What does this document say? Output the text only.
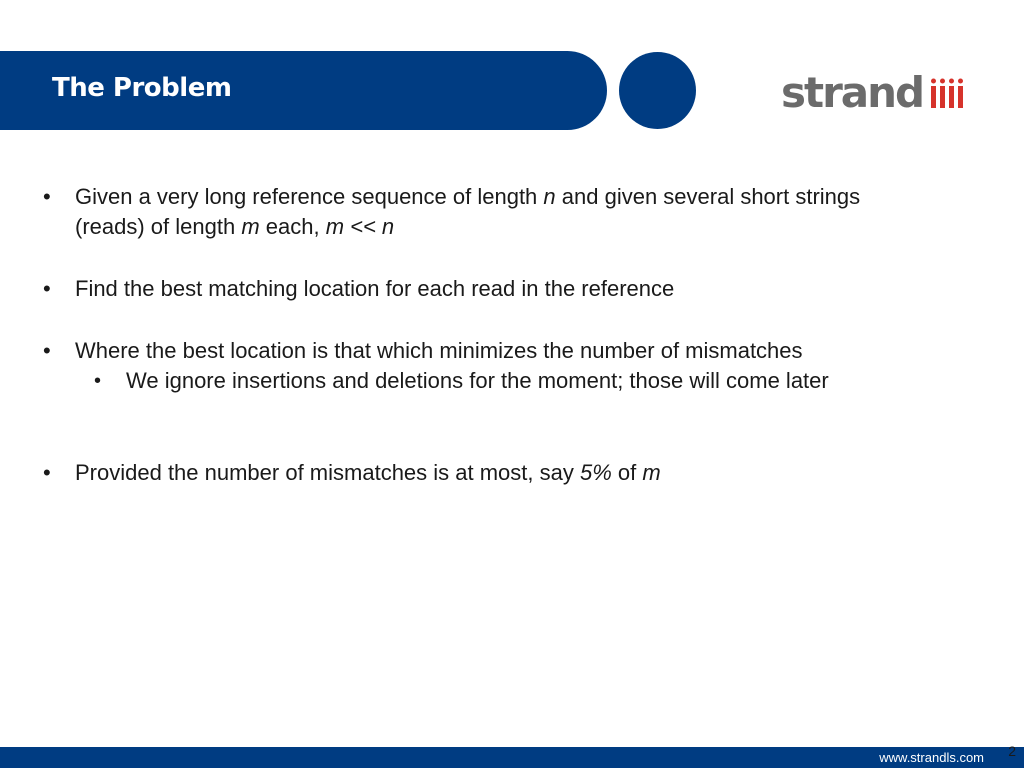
The Problem	strand
• Given a very long reference sequence of length n and given several short strings (reads) of length m each, m << n
• Find the best matching location for each read in the reference
• Where the best location is that which minimizes the number of mismatches
• We ignore insertions and deletions for the moment; those will come later
• Provided the number of mismatches is at most, say 5% of m
www.strandls.com 2
